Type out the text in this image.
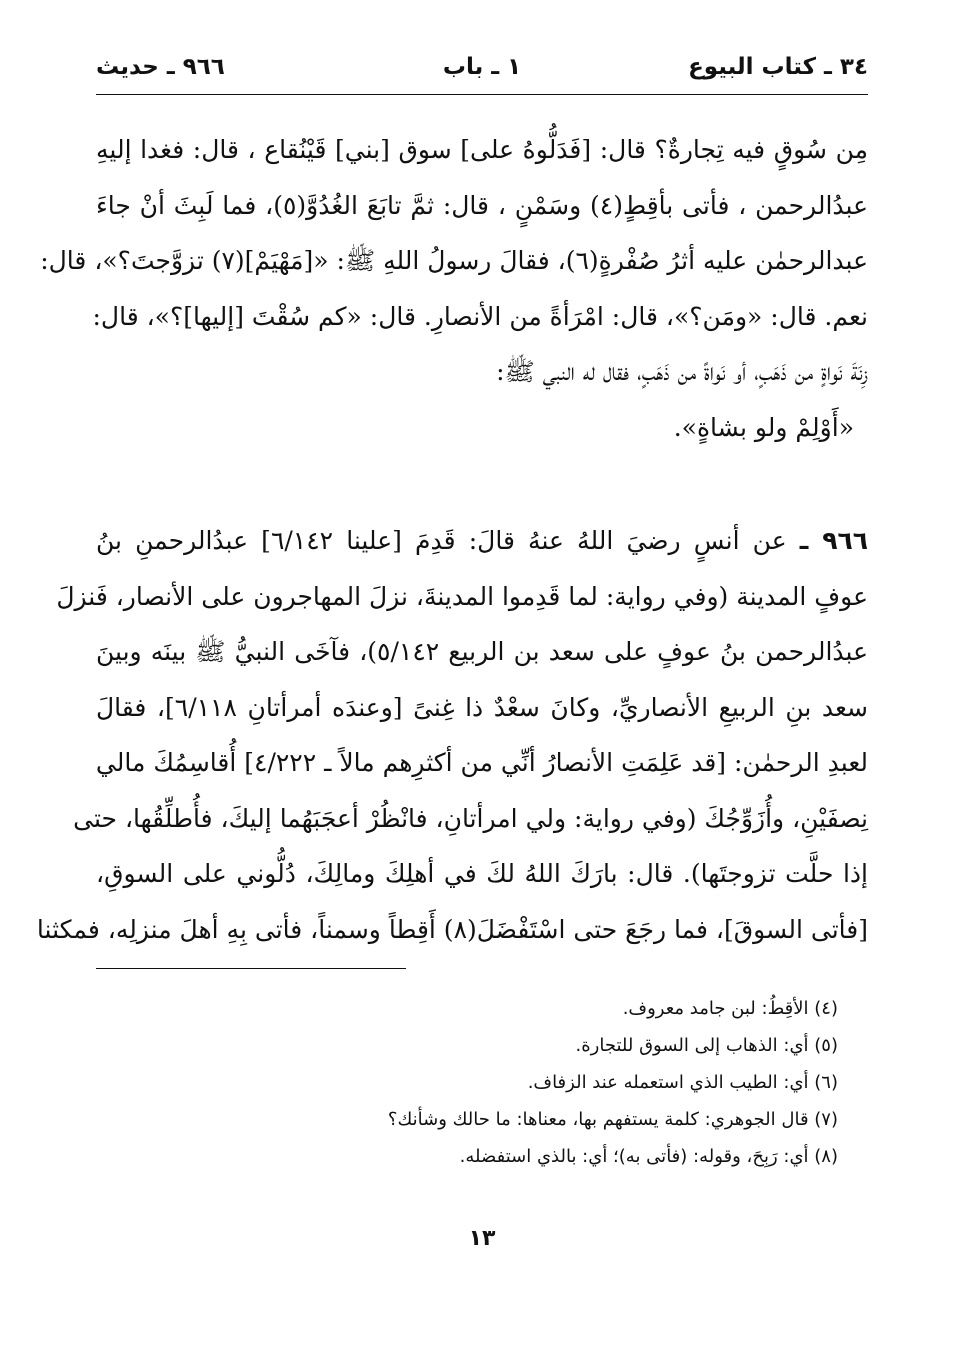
٣٤ ـ كتاب البيوع
١ ـ باب
٩٦٦ ـ حديث
مِن سُوقٍ فيه تِجارةٌ؟ قال: [فَدَلُّوهُ على] سوق [بني] قَيْنُقاع ، قال: فغدا إليهِ
عبدُالرحمن ، فأتى بأقِطٍ(٤) وسَمْنٍ ، قال: ثمَّ تابَعَ الغُدُوَّ(٥)، فما لَبِثَ أنْ جاءَ
عبدالرحمٰن عليه أثرُ صُفْرةٍ(٦)، فقالَ رسولُ اللهِ ﷺ: «[مَهْيَمْ](٧) تزوَّجتَ؟»، قال:
نعم. قال: «ومَن؟»، قال: امْرَأةً من الأنصارِ. قال: «كم سُقْتَ [إليها]؟»، قال:
زِنَةَ نَواةٍ من ذَهَبٍ، أو نَواةً من ذَهَبٍ، فقال له النبي ﷺ:
«أَوْلِمْ ولو بشاةٍ».
٩٦٦ ـ عن أنسٍ رضيَ اللهُ عنهُ قالَ: قَدِمَ [علينا ٦/١٤٢] عبدُالرحمنِ بنُ
عوفٍ المدينة (وفي رواية: لما قَدِموا المدينةَ، نزلَ المهاجرون على الأنصار، فَنزلَ
عبدُالرحمن بنُ عوفٍ على سعد بن الربيع ٥/١٤٢)، فآخَى النبيُّ ﷺ بينَه وبينَ
سعد بنِ الربيعِ الأنصاريِّ، وكانَ سعْدٌ ذا غِنىً [وعندَه أمرأتانِ ٦/١١٨]، فقالَ
لعبدِ الرحمٰن: [قد عَلِمَتِ الأنصارُ أنِّي من أكثرِهم مالاً ـ ٤/٢٢٢] أُقاسِمُكَ مالي
نِصفَيْنِ، وأُزَوِّجُكَ (وفي رواية: ولي امرأتانِ، فانْظُرْ أعجَبَهُما إليكَ، فأُطلِّقُها، حتى
إذا حلَّت تزوجتَها). قال: بارَكَ اللهُ لكَ في أهلِكَ ومالِكَ، دُلُّوني على السوقِ،
[فأتى السوقَ]، فما رجَعَ حتى اسْتَفْضَلَ(٨) أَقِطاً وسمناً، فأتى بِهِ أهلَ منزلِه، فمكثنا
(٤) الأقِطُ: لبن جامد معروف.
(٥) أي: الذهاب إلى السوق للتجارة.
(٦) أي: الطيب الذي استعمله عند الزفاف.
(٧) قال الجوهري: كلمة يستفهم بها، معناها: ما حالك وشأنك؟
(٨) أي: رَبِحَ، وقوله: (فأتى به)؛ أي: بالذي استفضله.
١٣
